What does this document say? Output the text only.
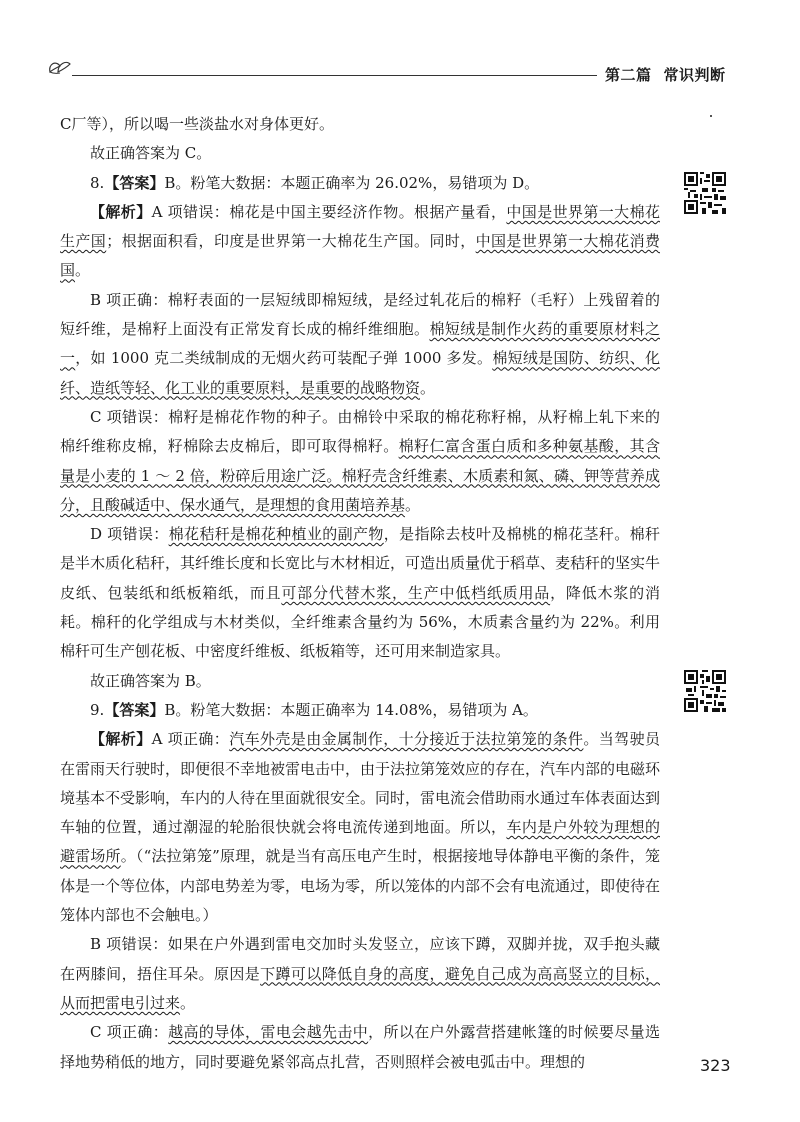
第二篇 常识判断

C⼚等），所以喝一些淡盐水对身体更好。

故正确答案为 C。

8.【答案】B。粉笔大数据：本题正确率为 26.02%，易错项为 D。

【解析】A 项错误：棉花是中国主要经济作物。根据产量看，中国是世界第一大棉花生产国；根据面积看，印度是世界第一大棉花生产国。同时，中国是世界第一大棉花消费国。

B 项正确：棉籽表面的一层短绒即棉短绒，是经过轧花后的棉籽（毛籽）上残留着的短纤维，是棉籽上面没有正常发育长成的棉纤维细胞。棉短绒是制作火药的重要原材料之一，如 1000 克二类绒制成的无烟火药可装配子弹 1000 多发。棉短绒是国防、纺织、化纤、造纸等轻、化工业的重要原料，是重要的战略物资。

C 项错误：棉籽是棉花作物的种子。由棉铃中采取的棉花称籽棉，从籽棉上轧下来的棉纤维称皮棉，籽棉除去皮棉后，即可取得棉籽。棉籽仁富含蛋白质和多种氨基酸，其含量是小麦的 1 ～ 2 倍，粉碎后用途广泛。棉籽壳含纤维素、木质素和氮、磷、钾等营养成分，且酸碱适中、保水通气，是理想的食用菌培养基。

D 项错误：棉花秸秆是棉花种植业的副产物，是指除去枝叶及棉桃的棉花茎秆。棉秆是半木质化秸秆，其纤维长度和长宽比与木材相近，可造出质量优于稻草、麦秸秆的坚实牛皮纸、包装纸和纸板箱纸，而且可部分代替木浆，生产中低档纸质用品，降低木浆的消耗。棉秆的化学组成与木材类似，全纤维素含量约为 56%，木质素含量约为 22%。利用棉秆可生产刨花板、中密度纤维板、纸板箱等，还可用来制造家具。

故正确答案为 B。

9.【答案】B。粉笔大数据：本题正确率为 14.08%，易错项为 A。

【解析】A 项正确：汽车外壳是由金属制作，十分接近于法拉第笼的条件。当驾驶员在雷雨天行驶时，即便很不幸地被雷电击中，由于法拉第笼效应的存在，汽车内部的电磁环境基本不受影响，车内的人待在里面就很安全。同时，雷电流会借助雨水通过车体表面达到车轴的位置，通过潮湿的轮胎很快就会将电流传递到地面。所以，车内是户外较为理想的避雷场所。（“法拉第笼”原理，就是当有高压电产生时，根据接地导体静电平衡的条件，笼体是一个等位体，内部电势差为零，电场为零，所以笼体的内部不会有电流通过，即使待在笼体内部也不会触电。）

B 项错误：如果在户外遇到雷电交加时头发竖立，应该下蹲，双脚并拢，双手抱头藏在两膝间，捂住耳朵。原因是下蹲可以降低自身的高度，避免自己成为高高竖立的目标，从而把雷电引过来。

C 项正确：越高的导体，雷电会越先击中，所以在户外露营搭建帐篷的时候要尽量选择地势稍低的地方，同时要避免紧邻高点扎营，否则照样会被电弧击中。理想的	323
